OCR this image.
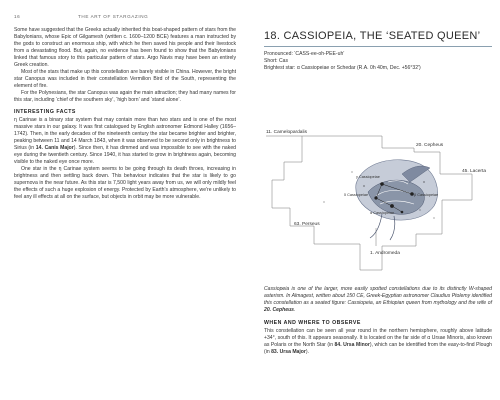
16	THE ART OF STARGAZING

Some have suggested that the Greeks actually inherited this boat-shaped pattern of stars from the Babylonians, whose Epic of Gilgamesh (written c. 1600–1200 BCE) features a man instructed by the gods to construct an enormous ship, with which he then saved his people and their livestock from a devastating flood. But, again, no evidence has been found to show that the Babylonians linked that famous story to this particular pattern of stars. Argo Navis may have been an entirely Greek creation.

Most of the stars that make up this constellation are barely visible in China. However, the bright star Canopus was included in their constellation Vermilion Bird of the South, representing the element of fire.

For the Polynesians, the star Canopus was again the main attraction; they had many names for this star, including ‘chief of the southern sky’, ‘high born’ and ‘stand alone’.

INTERESTING FACTS

η Carinae is a binary star system that may contain more than two stars and is one of the most massive stars in our galaxy. It was first catalogued by English astronomer Edmond Halley (1656–1742). Then, in the early decades of the nineteenth century the star became brighter and brighter, peaking between 11 and 14 March 1843, when it was observed to be second only in brightness to Sirius (in 14. Canis Major). Since then, it has dimmed and was impossible to see with the naked eye during the twentieth century. Since 1940, it has started to grow in brightness again, becoming visible to the naked eye once more.

One star in the η Carinae system seems to be going through its death throes, increasing in brightness and then settling back down. This behaviour indicates that the star is likely to go supernova in the near future. As this star is 7,500 light years away from us, we will only mildly feel the effects of such a huge explosion of energy. Protected by Earth's atmosphere, we're unlikely to feel any ill effects at all on the surface, but objects in orbit may be more vulnerable.

18. CASSIOPEIA, THE ‘SEATED QUEEN’
Pronounced: ‘CASS-ee-oh-PEE-uh’
Short: Cas
Brightest star: α Cassiopeiae or Schedar (R.A. 0h 40m, Dec. +56°32′)
11. Camelopardalis
20. Cepheus
45. Lacerta
63. Perseus
1. Andromeda
γ Cassiopeiae
δ Cassiopeiae	β Cassiopeiae
α Cassiopeiae
Cassiopeia is one of the larger, more easily spotted constellations due to its distinctly W-shaped asterism. In Almagest, written about 150 CE, Greek-Egyptian astronomer Claudius Ptolemy identified this constellation as a seated figure: Cassiopeia, an Ethiopian queen from mythology and the wife of 20. Cepheus.
WHEN AND WHERE TO OBSERVE
This constellation can be seen all year round in the northern hemisphere, roughly above latitude +34°, south of this. It appears seasonally. It is located on the far side of α Ursae Minoris, also known as Polaris or the North Star (in 84. Ursa Minor), which can be identified from the easy-to-find Plough (in 83. Ursa Major).
